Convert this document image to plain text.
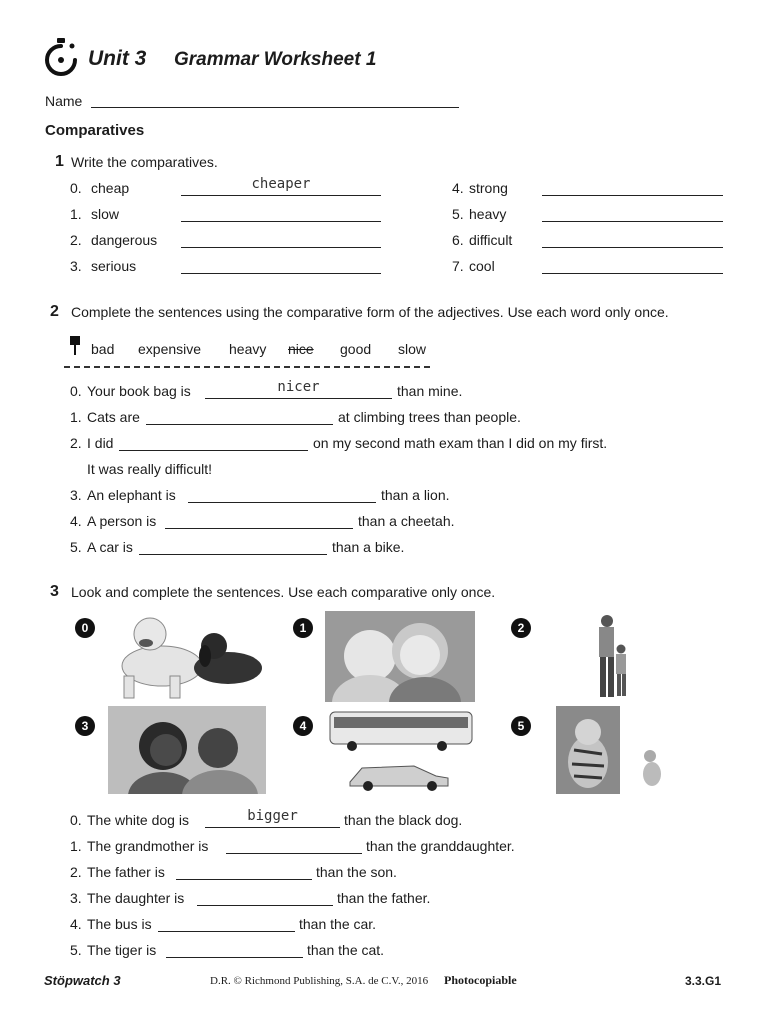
Unit 3 Grammar Worksheet 1
Name
Comparatives
1 Write the comparatives.
0. cheap	cheaper
1. slow
2. dangerous
3. serious
4. strong
5. heavy
6. difficult
7. cool
2 Complete the sentences using the comparative form of the adjectives. Use each word only once.
bad expensive heavy nice good slow
0. Your book bag is	nicer	than mine.
1. Cats are	at climbing trees than people.
2. I did	on my second math exam than I did on my first.
It was really difficult!
3. An elephant is	than a lion.
4. A person is	than a cheetah.
5. A car is	than a bike.
3 Look and complete the sentences. Use each comparative only once.
0	1	2
3	4	5
0. The white dog is	bigger	than the black dog.
1. The grandmother is	than the granddaughter.
2. The father is	than the son.
3. The daughter is	than the father.
4. The bus is	than the car.
5. The tiger is	than the cat.
Stöpwatch 3	D.R. © Richmond Publishing, S.A. de C.V., 2016 Photocopiable	3.3.G1
